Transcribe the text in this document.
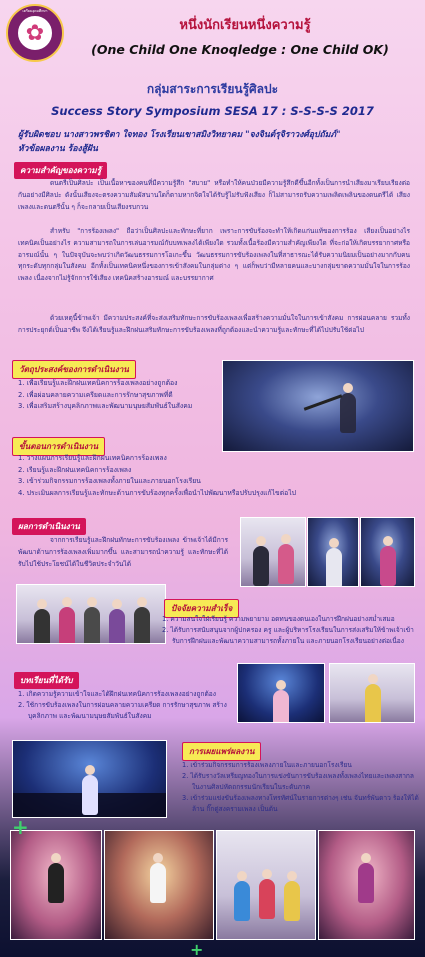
✿
เตรียมอุดมศึกษา
หนึ่งนักเรียนหนึ่งความรู้
(One Child One Knoqledge : One Child OK)
กลุ่มสาระการเรียนรู้ศิลปะ
Success Story Symposium SESA 17 : S-S-S-S 2017
ผู้รับผิดชอบ นางสาวพรชิตา ใจทอง โรงเรียนเขาสมิงวิทยาคม "จงจินต์รุจิราวงศ์อุปถัมภ์"
หัวข้อผลงาน ร้องสู้ฝัน
ความสำคัญของความรู้
ดนตรีเป็นศิลปะ เป็นเนื้อหาของคนที่มีความรู้สึก "สบาย" หรือทำให้คนป่วยมีความรู้สึกดีขึ้นอีกทั้งเป็นการนำเสียงมาเรียบเรียงต่อกันอย่างมีศิลปะ ดังนั้นเสียงจะตรงความสัมผัสนานใดก็ตามหากจิตใจได้รับรู้ไม่รับฟังเสียง ก็ไม่สามารถรับความเพลิดเพลินของดนตรีได้ เสียงเพลงและดนตรีนั้น ๆ ก็จะกลายเป็นเสียงรบกวน
สำหรับ "การร้องเพลง" ถือว่าเป็นศิลปะและทักษะที่ยาก เพราะการขับร้องจะทำให้เกิดแก่นแท้ของการร้อง เสียงเป็นอย่างไร เทคนิคเป็นอย่างไร ความสามารถในการเล่นอารมณ์กับบทเพลงได้เพียงใด รวมทั้งเนื้อร้องมีความสำคัญเพียงใด ที่จะก่อให้เกิดบรรยากาศหรืออารมณ์นั้น ๆ ในปัจจุบันจะพบว่าเกิดวัฒนธรรมการโอเกะขึ้น วัฒนธรรมการขับร้องเพลงในที่สาธารณะได้รับความนิยมเป็นอย่างมากกับคนทุกระดับทุกกลุ่มในสังคม อีกทั้งเป็นเทคนิคหนึ่งของการเข้าสังคมในกลุ่มต่าง ๆ แต่ก็พบว่ามีหลายคนและบางกลุ่มขาดความมั่นใจในการร้องเพลง เนื่องจากไม่รู้จักการใช้เสียง เทคนิคสร้างอารมณ์ และบรรยากาศ
ด้วยเหตุนี้ข้าพเจ้า มีความประสงค์ที่จะส่งเสริมทักษะการขับร้องเพลงเพื่อสร้างความมั่นใจในการเข้าสังคม การผ่อนคลาย รวมทั้งการประยุกต์เป็นอาชีพ จึงได้เรียนรู้และฝึกฝนเสริมทักษะการขับร้องเพลงที่ถูกต้องและนำความรู้และทักษะที่ได้ไปปรับใช้ต่อไป
วัตถุประสงค์ของการดำเนินงาน
1. เพื่อเรียนรู้และฝึกฝนเทคนิคการร้องเพลงอย่างถูกต้อง
2. เพื่อผ่อนคลายความเครียดและการรักษาสุขภาพที่ดี
3. เพื่อเสริมสร้างบุคลิกภาพและพัฒนามนุษยสัมพันธ์ในสังคม
ขั้นตอนการดำเนินงาน
1. วางแผนการเรียนรู้และฝึกฝนเทคนิคการร้องเพลง
2. เรียนรู้และฝึกฝนเทคนิคการร้องเพลง
3. เข้าร่วมกิจกรรมการร้องเพลงทั้งภายในและภายนอกโรงเรียน
4. ประเมินผลการเรียนรู้และทักษะด้านการขับร้องทุกครั้งเพื่อนำไปพัฒนาหรือปรับปรุงแก้ไขต่อไป
ผลการดำเนินงาน
จากการเรียนรู้และฝึกฝนทักษะการขับร้องเพลง ข้าพเจ้าได้มีการพัฒนาด้านการร้องเพลงเพิ่มมากขึ้น และสามารถนำความรู้ และทักษะที่ได้รับไปใช้ประโยชน์ได้ในชีวิตประจำวันได้
ปัจจัยความสำเร็จ
1. ความสนใจใฝ่เรียนรู้ ความพยายาม อดทนของตนเองในการฝึกฝนอย่างสม่ำเสมอ
2. ได้รับการสนับสนุนจากผู้ปกครอง ครู และผู้บริหารโรงเรียนในการส่งเสริมให้ข้าพเจ้าเข้ารับการฝึกฝนและพัฒนาความสามารถทั้งภายใน และภายนอกโรงเรียนอย่างต่อเนื่อง
บทเรียนที่ได้รับ
1. เกิดความรู้ความเข้าใจและได้ฝึกฝนเทคนิคการร้องเพลงอย่างถูกต้อง
2. ใช้การขับร้องเพลงในการผ่อนคลายความเครียด การรักษาสุขภาพ สร้างบุคลิกภาพ และพัฒนามนุษยสัมพันธ์ในสังคม
การเผยแพร่ผลงาน
1. เข้าร่วมกิจกรรมการร้องเพลงภายในและภายนอกโรงเรียน
2. ได้รับรางวัลเหรียญทองในการแข่งขันการขับร้องเพลงทั้งเพลงไทยและเพลงสากล ในงานศิลปหัตถกรรมนักเรียนในระดับภาค
3. เข้าร่วมแข่งขันร้องเพลงทางโทรทัศน์ในรายการต่างๆ เช่น จันทร์พันดาว ร้องให้ได้ล้าน กิ๊กดู่สงครามเพลง เป็นต้น
+
+
